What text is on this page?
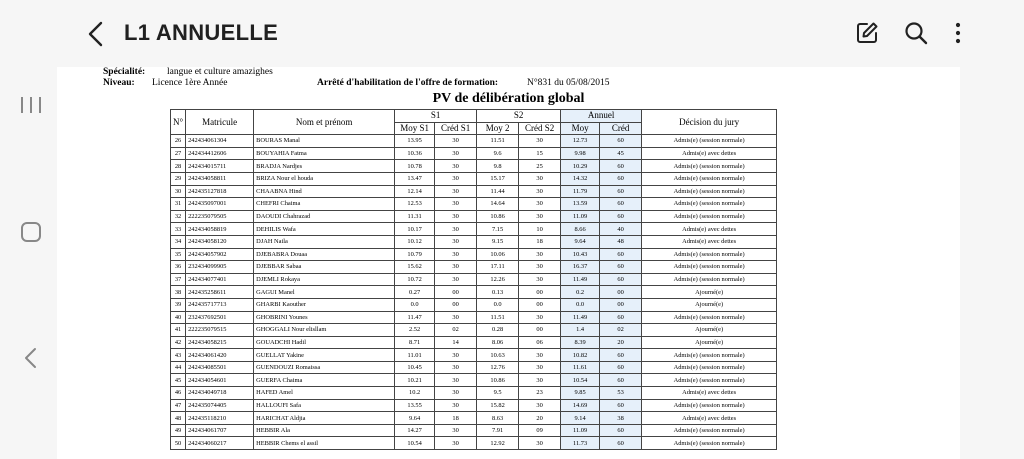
L1 ANNUELLE
Spécialité: langue et culture amazighes
Niveau: Licence 1ère Année	Arrêté d'habilitation de l'offre de formation:	N°831 du 05/08/2015
PV de délibération global
N°	Matricule	Nom et prénom	S1		S2		Annuel		Décision du jury
			Moy S1	Créd S1	Moy 2	Créd S2	Moy	Créd	
26	242434061304	BOURAS Manal	13.95	30	11.51	30	12.73	60	Admis(e) (session normale)
27	242434412606	BOUYAHIA Fatma	10.36	30	9.6	15	9.98	45	Admis(e) avec dettes
28	242434015711	BRADJA Nardjes	10.78	30	9.8	25	10.29	60	Admis(e) (session normale)
29	242434058811	BRIZA Nour el houda	13.47	30	15.17	30	14.32	60	Admis(e) (session normale)
30	242435127818	CHAABNA Hind	12.14	30	11.44	30	11.79	60	Admis(e) (session normale)
31	242435097001	CHEFRI Chaima	12.53	30	14.64	30	13.59	60	Admis(e) (session normale)
32	222235079505	DAOUDI Chahrazad	11.31	30	10.86	30	11.09	60	Admis(e) (session normale)
33	242434058819	DEHILIS Wafa	10.17	30	7.15	10	8.66	40	Admis(e) avec dettes
34	242434058120	DJAH Naila	10.12	30	9.15	18	9.64	48	Admis(e) avec dettes
35	242434057902	DJEBABRA Douaa	10.79	30	10.06	30	10.43	60	Admis(e) (session normale)
36	232434099905	DJEBBAR Sabaa	15.62	30	17.11	30	16.37	60	Admis(e) (session normale)
37	242434077401	DJEMLI Rokaya	10.72	30	12.26	30	11.49	60	Admis(e) (session normale)
38	242435258611	GAGUI Manel	0.27	00	0.13	00	0.2	00	Ajourné(e)
39	242435717713	GHARBI Kaouther	0.0	00	0.0	00	0.0	00	Ajourné(e)
40	232437692501	GHOBRINI Younes	11.47	30	11.51	30	11.49	60	Admis(e) (session normale)
41	222235079515	GHOGGALI Nour elisllam	2.52	02	0.28	00	1.4	02	Ajourné(e)
42	242434058215	GOUADCHI Hadil	8.71	14	8.06	06	8.39	20	Ajourné(e)
43	242434061420	GUELLAT Yakine	11.01	30	10.63	30	10.82	60	Admis(e) (session normale)
44	242434085501	GUENDOUZI Romaissa	10.45	30	12.76	30	11.61	60	Admis(e) (session normale)
45	242434054601	GUERFA Chaima	10.21	30	10.86	30	10.54	60	Admis(e) (session normale)
46	242434049718	HAFED Amel	10.2	30	9.5	23	9.85	53	Admis(e) avec dettes
47	242435074405	HALLOUFI Safa	13.55	30	15.82	30	14.69	60	Admis(e) (session normale)
48	242435118210	HARICHAT Aldjia	9.64	18	8.63	20	9.14	38	Admis(e) avec dettes
49	242434061707	HEBBIR Ala	14.27	30	7.91	09	11.09	60	Admis(e) (session normale)
50	242434060217	HEBBIR Chems el assil	10.54	30	12.92	30	11.73	60	Admis(e) (session normale)
